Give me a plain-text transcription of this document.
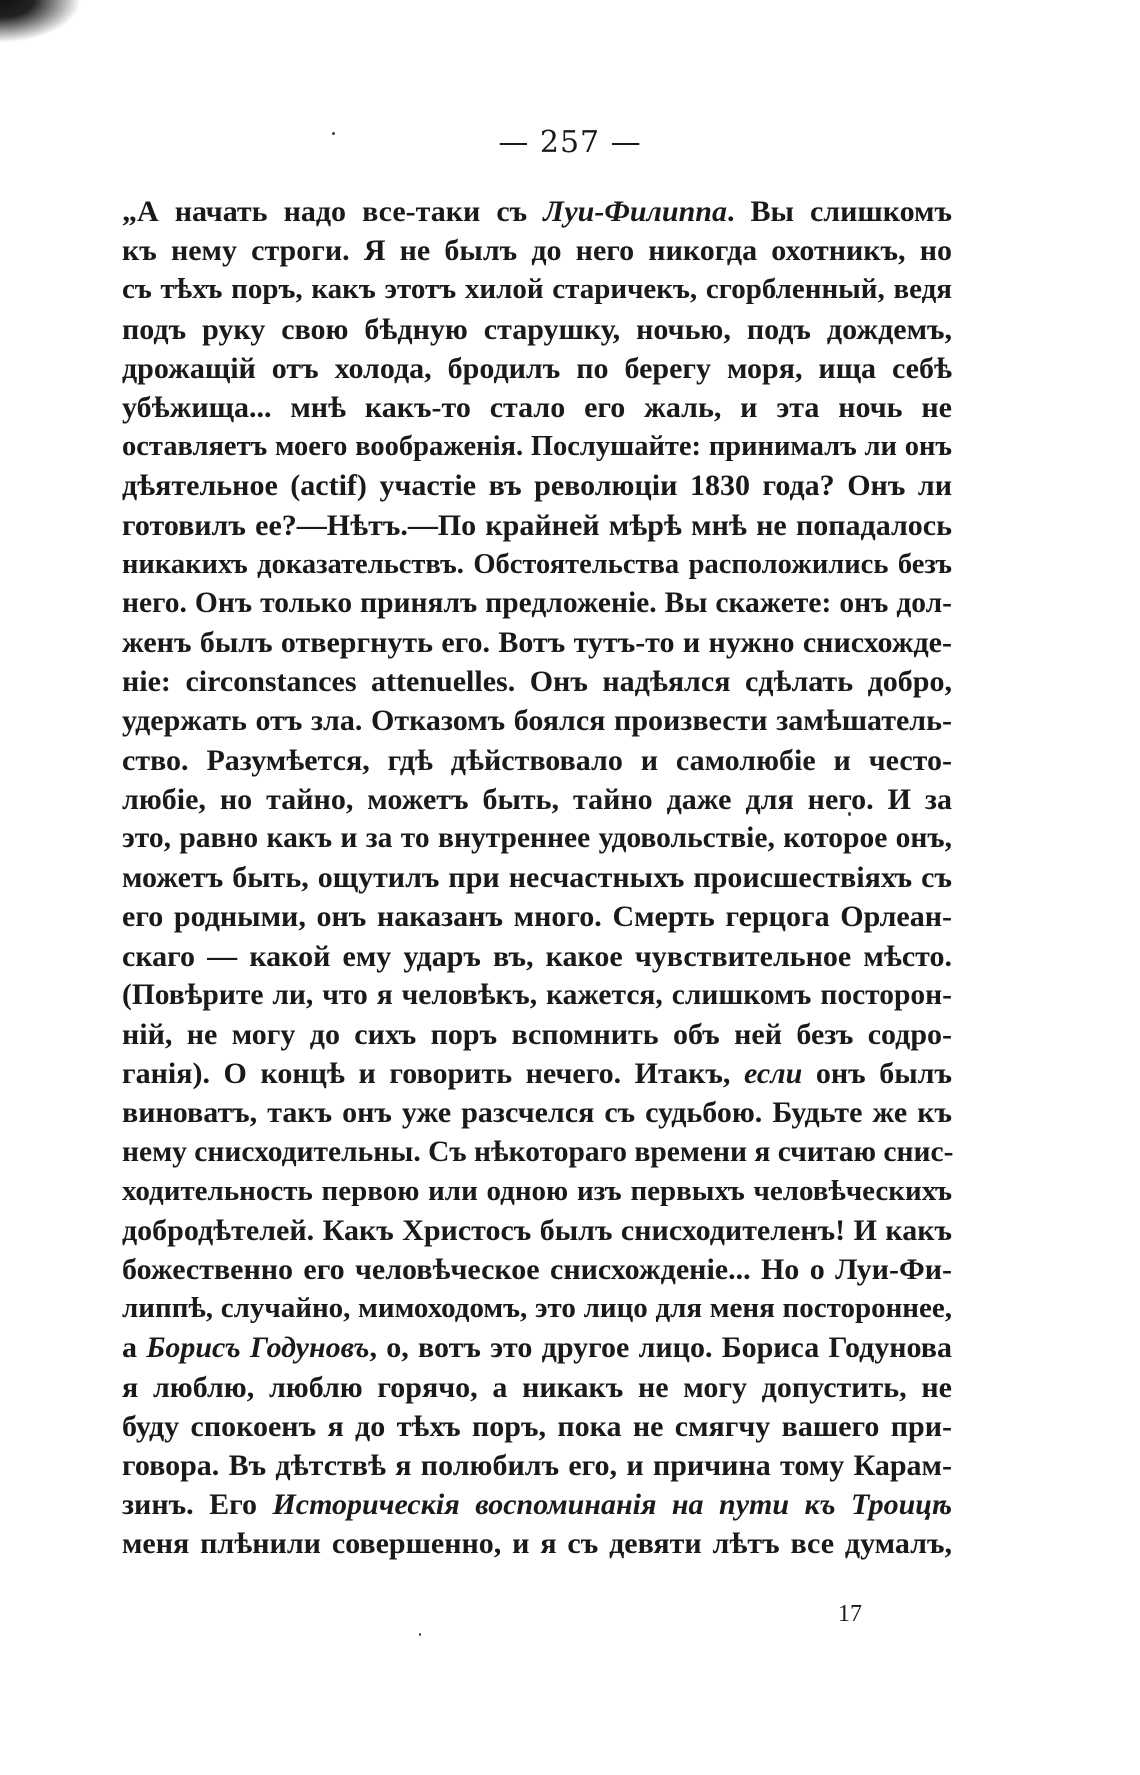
— 257 —
„А начать надо все-таки съ Луи-Филиппа. Вы слишкомъ
къ нему строги. Я не былъ до него никогда охотникъ, но
съ тѣхъ поръ, какъ этотъ хилой старичекъ, сгорбленный, ведя
подъ руку свою бѣдную старушку, ночью, подъ дождемъ,
дрожащій отъ холода, бродилъ по берегу моря, ища себѣ
убѣжища... мнѣ какъ-то стало его жаль, и эта ночь не
оставляетъ моего воображенія. Послушайте: принималъ ли онъ
дѣятельное (actif) участіе въ революціи 1830 года? Онъ ли
готовилъ ее?—Нѣтъ.—По крайней мѣрѣ мнѣ не попадалось
никакихъ доказательствъ. Обстоятельства расположились безъ
него. Онъ только принялъ предложеніе. Вы скажете: онъ дол-
женъ былъ отвергнуть его. Вотъ тутъ-то и нужно снисхожде-
ніе: circonstances attenuelles. Онъ надѣялся сдѣлать добро,
удержать отъ зла. Отказомъ боялся произвести замѣшатель-
ство. Разумѣется, гдѣ дѣйствовало и самолюбіе и често-
любіе, но тайно, можетъ быть, тайно даже для него. И за
это, равно какъ и за то внутреннее удовольствіе, которое онъ,
можетъ быть, ощутилъ при несчастныхъ происшествіяхъ съ
его родными, онъ наказанъ много. Смерть герцога Орлеан-
скаго — какой ему ударъ въ, какое чувствительное мѣсто.
(Повѣрите ли, что я человѣкъ, кажется, слишкомъ посторон-
ній, не могу до сихъ поръ вспомнить объ ней безъ содро-
ганія). О концѣ и говорить нечего. Итакъ, если онъ былъ
виноватъ, такъ онъ уже разсчелся съ судьбою. Будьте же къ
нему снисходительны. Съ нѣкотораго времени я считаю снис-
ходительность первою или одною изъ первыхъ человѣческихъ
добродѣтелей. Какъ Христосъ былъ снисходителенъ! И какъ
божественно его человѣческое снисхожденіе... Но о Луи-Фи-
липпѣ, случайно, мимоходомъ, это лицо для меня постороннее,
а Борисъ Годуновъ, о, вотъ это другое лицо. Бориса Годунова
я люблю, люблю горячо, а никакъ не могу допустить, не
буду спокоенъ я до тѣхъ поръ, пока не смягчу вашего при-
говора. Въ дѣтствѣ я полюбилъ его, и причина тому Карам-
зинъ. Его Историческія воспоминанія на пути къ Троицѣ
меня плѣнили совершенно, и я съ девяти лѣтъ все думалъ,
17
